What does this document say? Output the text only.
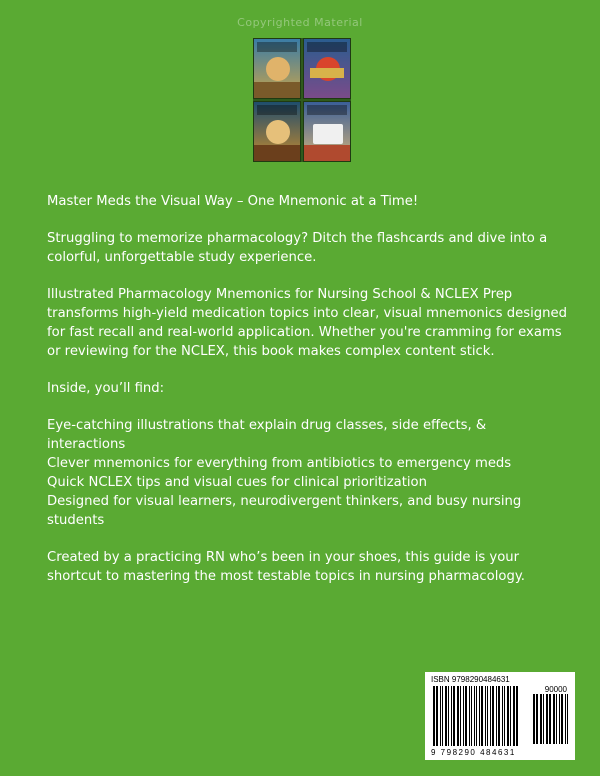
Copyrighted Material

Master Meds the Visual Way – One Mnemonic at a Time!

Struggling to memorize pharmacology? Ditch the flashcards and dive into a colorful, unforgettable study experience.

Illustrated Pharmacology Mnemonics for Nursing School & NCLEX Prep transforms high-yield medication topics into clear, visual mnemonics designed for fast recall and real-world application. Whether you're cramming for exams or reviewing for the NCLEX, this book makes complex content stick.

Inside, you’ll find:

Eye-catching illustrations that explain drug classes, side effects, & interactions
Clever mnemonics for everything from antibiotics to emergency meds
Quick NCLEX tips and visual cues for clinical prioritization
Designed for visual learners, neurodivergent thinkers, and busy nursing students

Created by a practicing RN who’s been in your shoes, this guide is your shortcut to mastering the most testable topics in nursing pharmacology.

ISBN 9798290484631
90000
9 798290 484631
